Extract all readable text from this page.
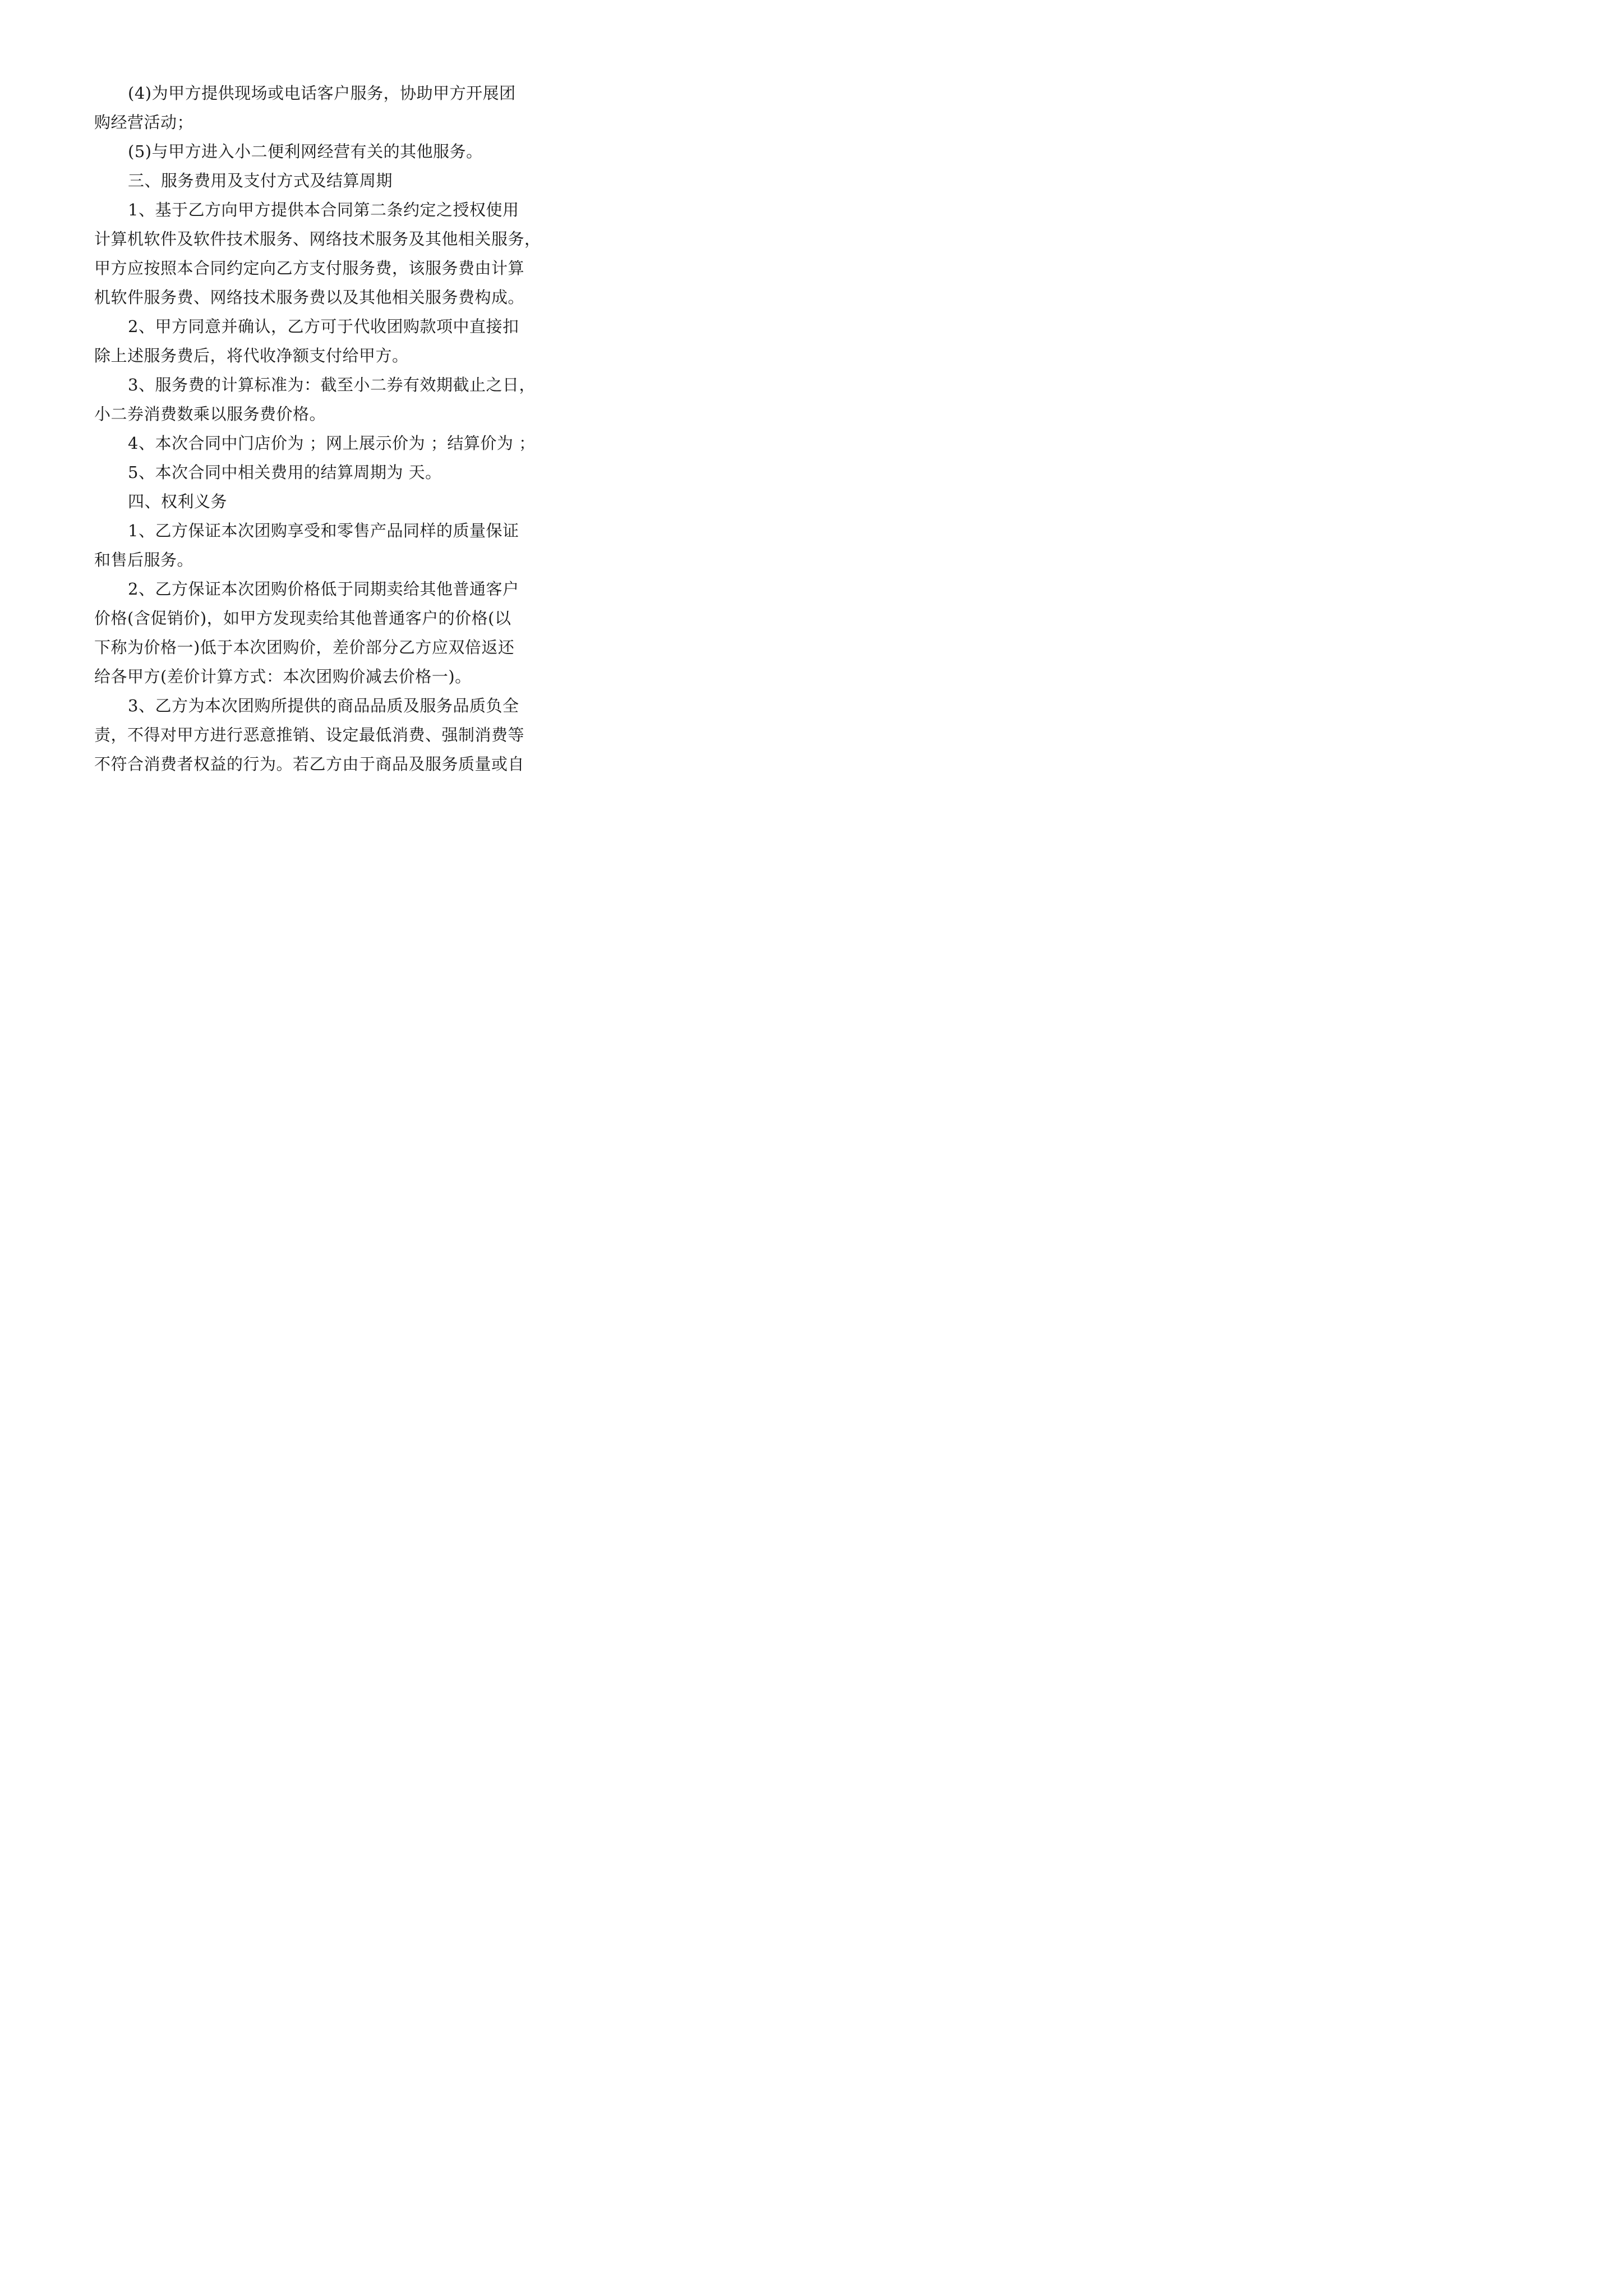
(4)为甲方提供现场或电话客户服务，协助甲方开展团
购经营活动；
(5)与甲方进入小二便利网经营有关的其他服务。
三、服务费用及支付方式及结算周期
1、基于乙方向甲方提供本合同第二条约定之授权使用
计算机软件及软件技术服务、网络技术服务及其他相关服务，
甲方应按照本合同约定向乙方支付服务费，该服务费由计算
机软件服务费、网络技术服务费以及其他相关服务费构成。
2、甲方同意并确认，乙方可于代收团购款项中直接扣
除上述服务费后，将代收净额支付给甲方。
3、服务费的计算标准为：截至小二券有效期截止之日，
小二券消费数乘以服务费价格。
4、本次合同中门店价为 ；网上展示价为 ；结算价为 ；
5、本次合同中相关费用的结算周期为 天。
四、权利义务
1、乙方保证本次团购享受和零售产品同样的质量保证
和售后服务。
2、乙方保证本次团购价格低于同期卖给其他普通客户
价格(含促销价)，如甲方发现卖给其他普通客户的价格(以
下称为价格一)低于本次团购价，差价部分乙方应双倍返还
给各甲方(差价计算方式：本次团购价减去价格一)。
3、乙方为本次团购所提供的商品品质及服务品质负全
责，不得对甲方进行恶意推销、设定最低消费、强制消费等
不符合消费者权益的行为。若乙方由于商品及服务质量或自
